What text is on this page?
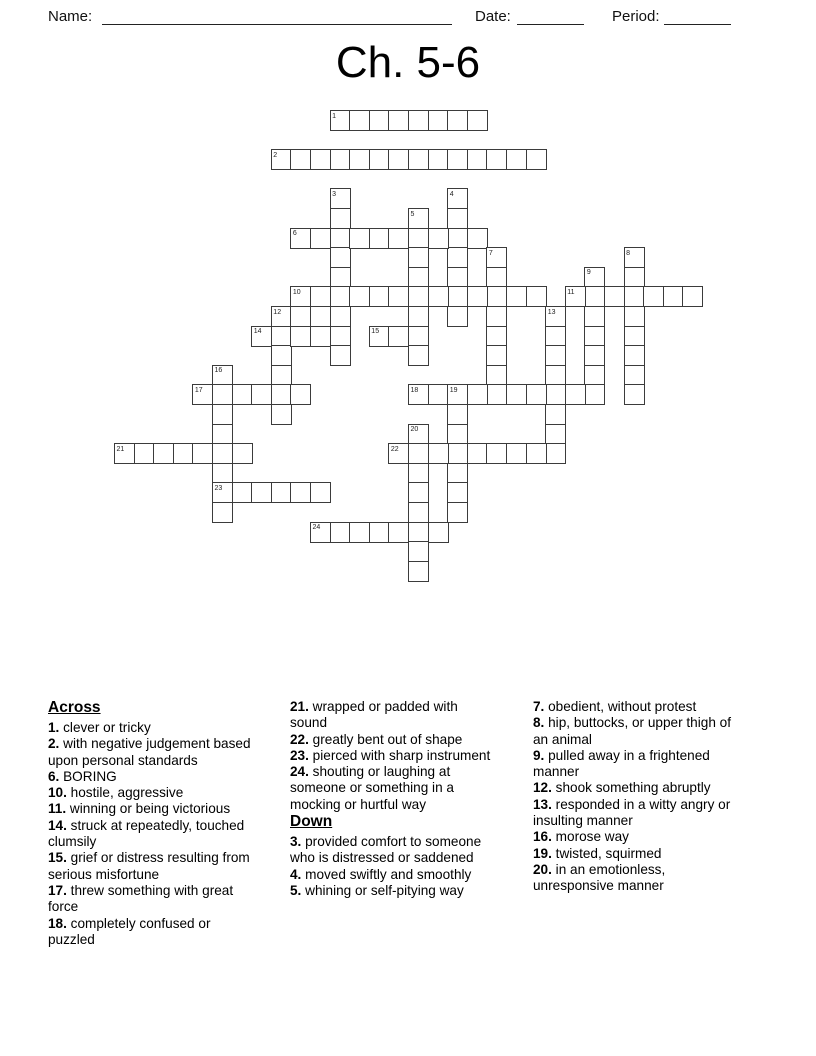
Name:	Date:	Period:
Ch. 5-6
1
2
3	4
5
6
7	8
9
10	11
12	13
14	15
16
23
17	18	19
20
21	22
24
Across
1. clever or tricky
2. with negative judgement based upon personal standards
6. BORING
10. hostile, aggressive
11. winning or being victorious
14. struck at repeatedly, touched clumsily
15. grief or distress resulting from serious misfortune
17. threw something with great force
18. completely confused or puzzled
21. wrapped or padded with sound
22. greatly bent out of shape
23. pierced with sharp instrument
24. shouting or laughing at someone or something in a mocking or hurtful way
Down
3. provided comfort to someone who is distressed or saddened
4. moved swiftly and smoothly
5. whining or self-pitying way
7. obedient, without protest
8. hip, buttocks, or upper thigh of an animal
9. pulled away in a frightened manner
12. shook something abruptly
13. responded in a witty angry or insulting manner
16. morose way
19. twisted, squirmed
20. in an emotionless, unresponsive manner
